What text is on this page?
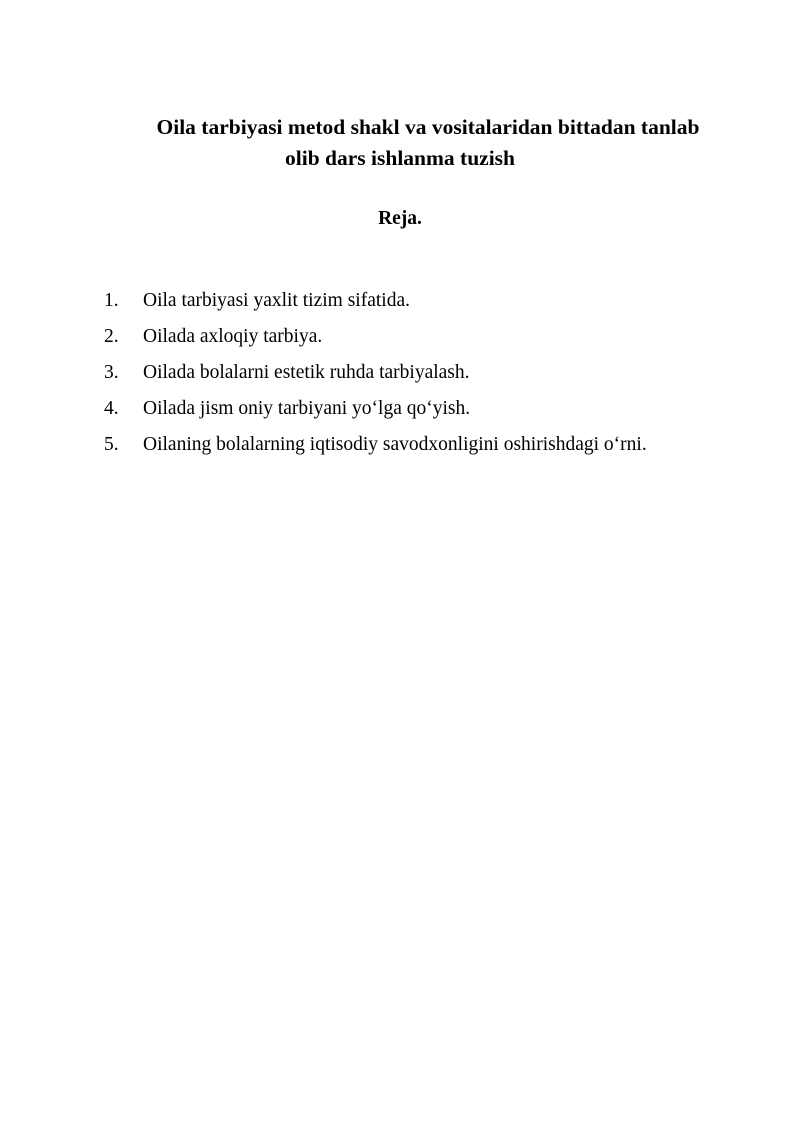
Oila tarbiyasi metod shakl va vositalaridan bittadan tanlab
olib dars ishlanma tuzish
Reja.
1.	Oila tarbiyasi yaxlit tizim sifatida.
2.	Oilada axloqiy tarbiya.
3.	Oilada bolalarni estetik ruhda tarbiyalash.
4.	Oilada jism oniy tarbiyani yo‘lga qo‘yish.
5.	Oilaning bolalarning iqtisodiy savodxonligini oshirishdagi o‘rni.
